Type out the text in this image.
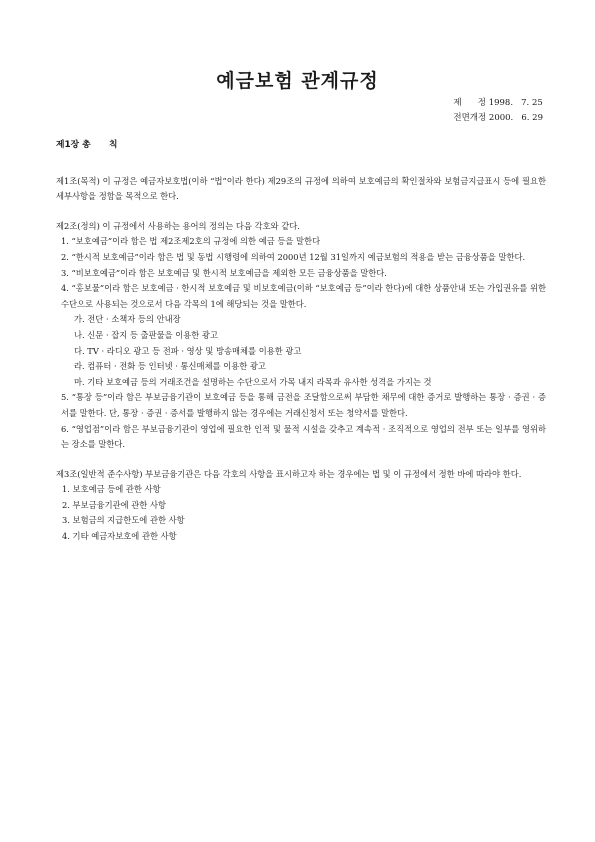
예금보험 관계규정
제      정 1998.   7. 25
전면개정 2000.   6. 29
제1장 총      칙

제1조(목적) 이 규정은 예금자보호법(이하 “법”이라 한다) 제29조의 규정에 의하여 보호예금의 확인절차와 보험금지급표시 등에 필요한 세부사항을 정함을 목적으로 한다.

제2조(정의) 이 규정에서 사용하는 용어의 정의는 다음 각호와 같다.

1. “보호예금”이라 함은 법 제2조제2호의 규정에 의한 예금 등을 말한다

2. “한시적 보호예금”이라 함은 법 및 동법 시행령에 의하여 2000년 12월 31일까지 예금보험의 적용을 받는 금융상품을 말한다.

3. “비보호예금”이라 함은 보호예금 및 한시적 보호예금을 제외한 모든 금융상품을 말한다.

4. “홍보물”이라 함은 보호예금 · 한시적 보호예금 및 비보호예금(이하 “보호예금 등”이라 한다)에 대한 상품안내 또는 가입권유를 위한 수단으로 사용되는 것으로서 다음 각목의 1에 해당되는 것을 말한다.

가. 전단 · 소책자 등의 안내장

나. 신문 · 잡지 등 출판물을 이용한 광고

다. TV · 라디오 광고 등 전파 · 영상 및 방송매체를 이용한 광고

라. 컴퓨터 · 전화 등 인터넷 · 통신매체를 이용한 광고

마. 기타 보호예금 등의 거래조건을 설명하는 수단으로서 가목 내지 라목과 유사한 성격을 가지는 것

5. “통장 등”이라 함은 부보금융기관이 보호예금 등을 통해 금전을 조달함으로써 부담한 채무에 대한 증거로 발행하는 통장 · 증권 · 증서를 말한다. 단, 통장 · 증권 · 증서를 발행하지 않는 경우에는 거래신청서 또는 청약서를 말한다.

6. “영업점”이라 함은 부보금융기관이 영업에 필요한 인적 및 물적 시설을 갖추고 계속적 · 조직적으로 영업의 전부 또는 일부를 영위하는 장소를 말한다.

제3조(일반적 준수사항) 부보금융기관은 다음 각호의 사항을 표시하고자 하는 경우에는 법 및 이 규정에서 정한 바에 따라야 한다.

1. 보호예금 등에 관한 사항

2. 부보금융기관에 관한 사항

3. 보험금의 지급한도에 관한 사항

4. 기타 예금자보호에 관한 사항
